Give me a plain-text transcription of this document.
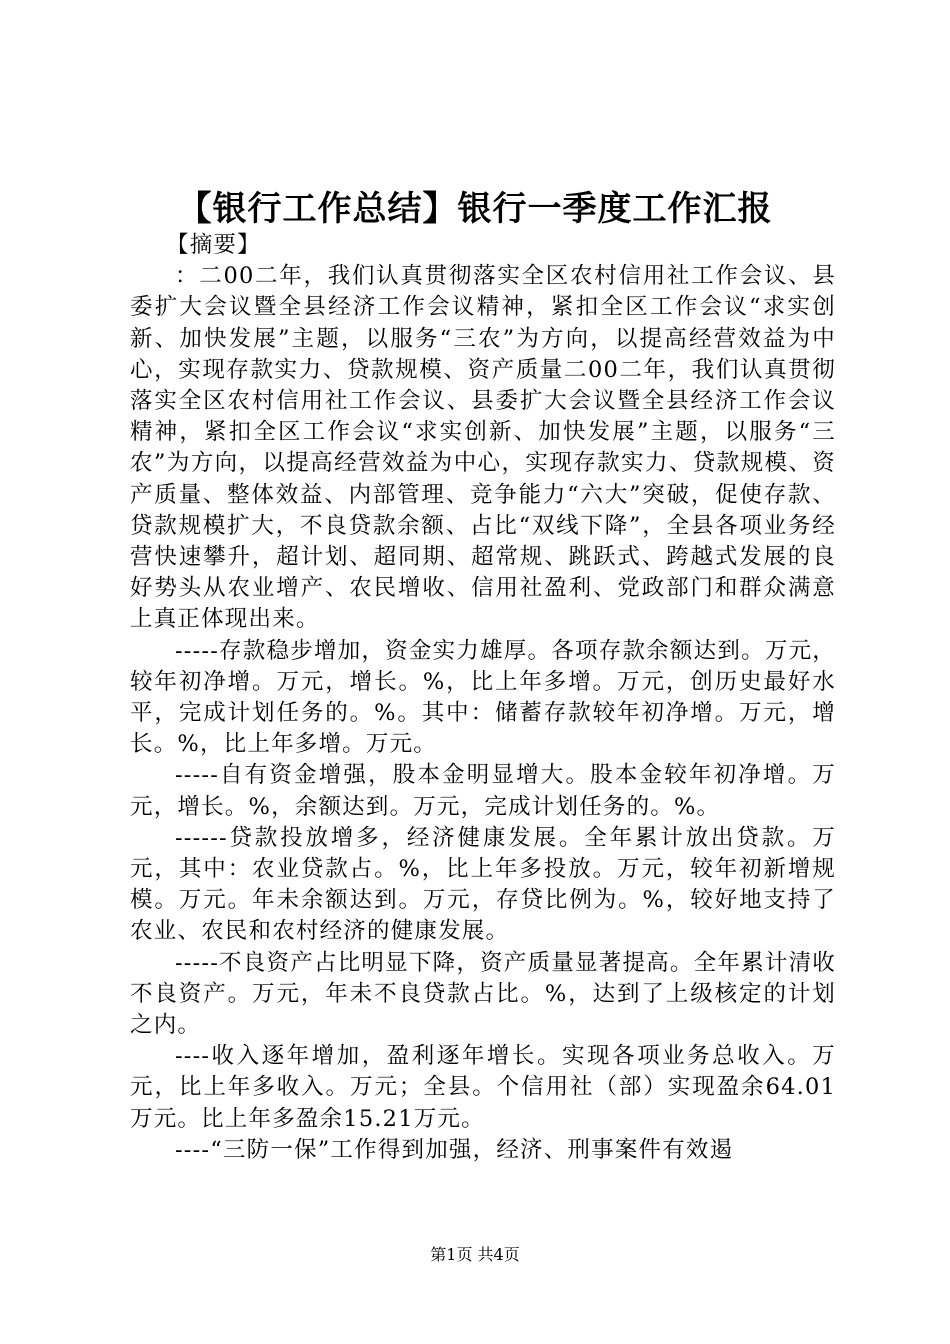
【银行工作总结】银行一季度工作汇报

【摘要】

：二00二年，我们认真贯彻落实全区农村信用社工作会议、县委扩大会议暨全县经济工作会议精神，紧扣全区工作会议“求实创新、加快发展”主题，以服务“三农”为方向，以提高经营效益为中心，实现存款实力、贷款规模、资产质量二00二年，我们认真贯彻落实全区农村信用社工作会议、县委扩大会议暨全县经济工作会议精神，紧扣全区工作会议“求实创新、加快发展”主题，以服务“三农”为方向，以提高经营效益为中心，实现存款实力、贷款规模、资产质量、整体效益、内部管理、竞争能力“六大”突破，促使存款、贷款规模扩大，不良贷款余额、占比“双线下降”，全县各项业务经营快速攀升，超计划、超同期、超常规、跳跃式、跨越式发展的良好势头从农业增产、农民增收、信用社盈利、党政部门和群众满意上真正体现出来。

-----存款稳步增加，资金实力雄厚。各项存款余额达到。万元，较年初净增。万元，增长。%，比上年多增。万元，创历史最好水平，完成计划任务的。%。其中：储蓄存款较年初净增。万元，增长。%，比上年多增。万元。

-----自有资金增强，股本金明显增大。股本金较年初净增。万元，增长。%，余额达到。万元，完成计划任务的。%。

------贷款投放增多，经济健康发展。全年累计放出贷款。万元，其中：农业贷款占。%，比上年多投放。万元，较年初新增规模。万元。年未余额达到。万元，存贷比例为。%，较好地支持了农业、农民和农村经济的健康发展。

-----不良资产占比明显下降，资产质量显著提高。全年累计清收不良资产。万元，年未不良贷款占比。%，达到了上级核定的计划之内。

----收入逐年增加，盈利逐年增长。实现各项业务总收入。万元，比上年多收入。万元；全县。个信用社（部）实现盈余64.01万元。比上年多盈余15.21万元。

----“三防一保”工作得到加强，经济、刑事案件有效遏

第1页 共4页
